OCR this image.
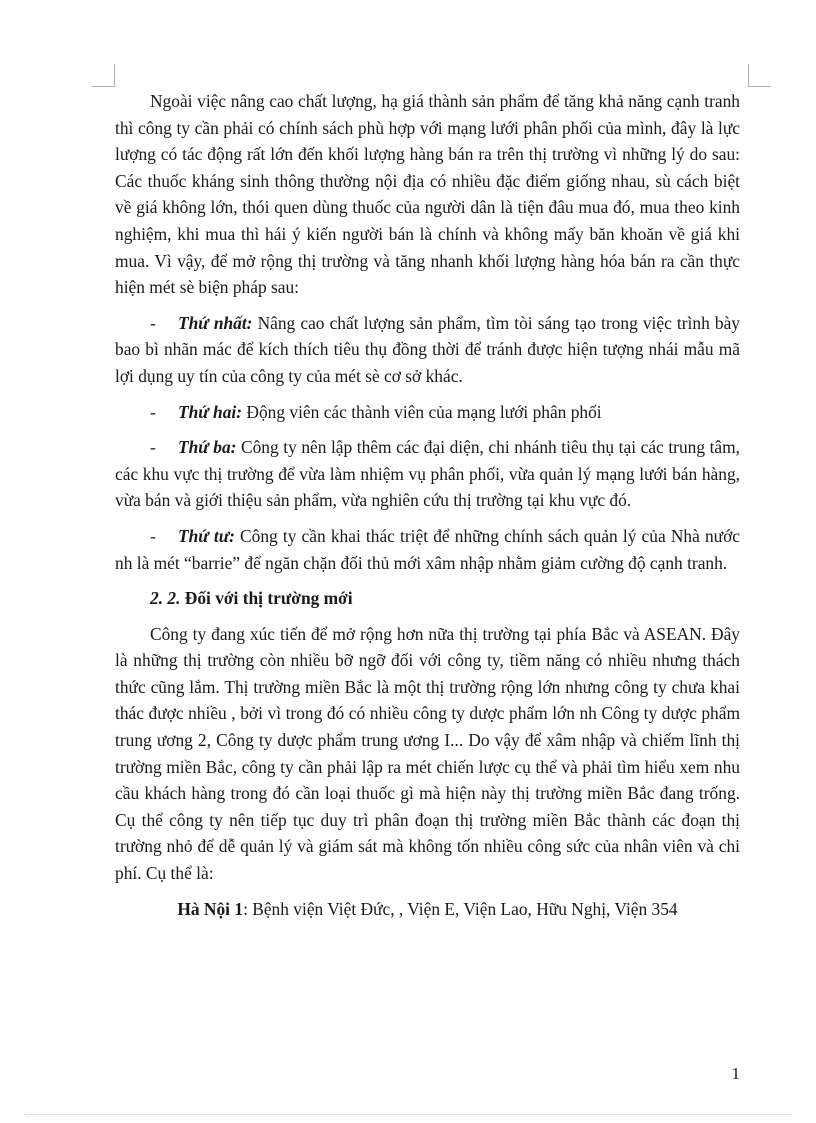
Ngoài việc nâng cao chất lượng, hạ giá thành sản phẩm để tăng khả năng cạnh tranh thì công ty cần phải có chính sách phù hợp với mạng lưới phân phối của mình, đây là lực lượng có tác động rất lớn đến khối lượng hàng bán ra trên thị trường vì những lý do sau: Các thuốc kháng sinh thông thường nội địa có nhiều đặc điểm giống nhau, sù cách biệt về giá không lớn, thói quen dùng thuốc của người dân là tiện đâu mua đó, mua theo kinh nghiệm, khi mua thì hái ý kiến người bán là chính và không mấy băn khoăn về giá khi mua. Vì vậy, để mở rộng thị trường và tăng nhanh khối lượng hàng hóa bán ra cần thực hiện mét sè biện pháp sau:

- Thứ nhất: Nâng cao chất lượng sản phẩm, tìm tòi sáng tạo trong việc trình bày bao bì nhãn mác để kích thích tiêu thụ đồng thời để tránh được hiện tượng nhái mẫu mã lợi dụng uy tín của công ty của mét sè cơ sở khác.

- Thứ hai: Động viên các thành viên của mạng lưới phân phối

- Thứ ba: Công ty nên lập thêm các đại diện, chi nhánh tiêu thụ tại các trung tâm, các khu vực thị trường để vừa làm nhiệm vụ phân phối, vừa quản lý mạng lưới bán hàng, vừa bán và giới thiệu sản phẩm, vừa nghiên cứu thị trường tại khu vực đó.

- Thứ tư: Công ty cần khai thác triệt để những chính sách quản lý của Nhà nước nh là mét “barrie” để ngăn chặn đối thủ mới xâm nhập nhằm giảm cường độ cạnh tranh.

2. 2. Đối với thị trường mới

Công ty đang xúc tiến để mở rộng hơn nữa thị trường tại phía Bắc và ASEAN. Đây là những thị trường còn nhiều bỡ ngỡ đối với công ty, tiềm năng có nhiều nhưng thách thức cũng lắm. Thị trường miền Bắc là một thị trường rộng lớn nhưng công ty chưa khai thác được nhiều , bởi vì trong đó có nhiều công ty dược phẩm lớn nh Công ty dược phẩm trung ương 2, Công ty dược phẩm trung ương I... Do vậy để xâm nhập và chiếm lĩnh thị trường miền Bắc, công ty cần phải lập ra mét chiến lược cụ thể và phải tìm hiểu xem nhu cầu khách hàng trong đó cần loại thuốc gì mà hiện này thị trường miền Bắc đang trống. Cụ thể công ty nên tiếp tục duy trì phân đoạn thị trường miền Bắc thành các đoạn thị trường nhỏ để dễ quản lý và giám sát mà không tốn nhiều công sức của nhân viên và chi phí. Cụ thể là:

Hà Nội 1: Bệnh viện Việt Đức, , Viện E, Viện Lao, Hữu Nghị, Viện 354

1
